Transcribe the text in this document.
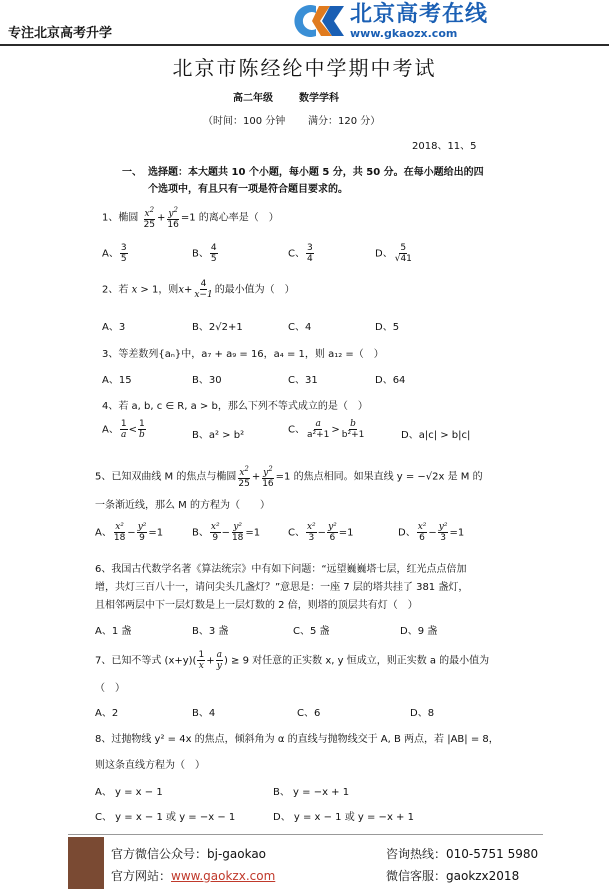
专注北京高考升学
北京高考在线
www.gkaozx.com
北京市陈经纶中学期中考试
高二年级	数学学科
（时间：100 分钟 满分：120 分）
2018、11、5
一、 选择题：本大题共 10 个小题，每小题 5 分，共 50 分。在每小题给出的四
个选项中，有且只有一项是符合题目要求的。
1、椭圆 $\frac{x^2}{25} + \frac{y^2}{16} =1$ 的离心率是（　）
A、 $\frac{3}{5}$	B、 $\frac{4}{5}$	C、 $\frac{3}{4}$	D、 $\frac{5}{√41}$
2、若 x > 1，则$x+ \frac{4}{x-1}$ 的最小值为（　）
A、3	B、2√2+1	C、4	D、5
3、等差数列{aₙ}中，a₇ + a₉ = 16，a₄ = 1，则 a₁₂ =（　）
A、15	B、30	C、31	D、64
4、若 a, b, c ∈ R, a > b，那么下列不等式成立的是（　）
A、 $\frac{1}{a} < \frac{1}{b}$	B、a² > b²	C、 $\frac{a}{\text{a²+1}} > \frac{b}{\text{b²+1}}$	D、a|c| > b|c|
5、已知双曲线 M 的焦点与椭圆 $\frac{x^2}{25} + \frac{y^2}{16} =1$ 的焦点相同。如果直线 y = −√2x 是 M 的
一条渐近线，那么 M 的方程为（　　）
A、 $\frac{\text{x²}}{18} - \frac{\text{y²}}{9} =1$	B、 $\frac{\text{x²}}{9} - \frac{\text{y²}}{18} =1$	C、 $\frac{\text{x²}}{3} - \frac{\text{y²}}{6} =1$	D、 $\frac{\text{x²}}{6} - \frac{\text{y²}}{3} =1$
6、我国古代数学名著《算法统宗》中有如下问题：“远望巍巍塔七层，红光点点倍加
增，共灯三百八十一，请问尖头几盏灯？”意思是：一座 7 层的塔共挂了 381 盏灯，
且相邻两层中下一层灯数是上一层灯数的 2 倍，则塔的顶层共有灯（　）
A、1 盏	B、3 盏	C、5 盏	D、9 盏
7、已知不等式 $(x+y)( \frac{1}{x} + \frac{a}{y}$ ) ≥ 9 对任意的正实数 x, y 恒成立，则正实数 a 的最小值为
（　）
A、2	B、4	C、6	D、8
8、过抛物线 y² = 4x 的焦点，倾斜角为 α 的直线与抛物线交于 A, B 两点，若 |AB| = 8，
则这条直线方程为（　）
A、 y = x − 1	B、 y = −x + 1
C、 y = x − 1 或 y = −x − 1	D、 y = x − 1 或 y = −x + 1
官方微信公众号：bj-gaokao
官方网站：www.gaokzx.com
咨询热线：010-5751 5980
微信客服：gaokzx2018
